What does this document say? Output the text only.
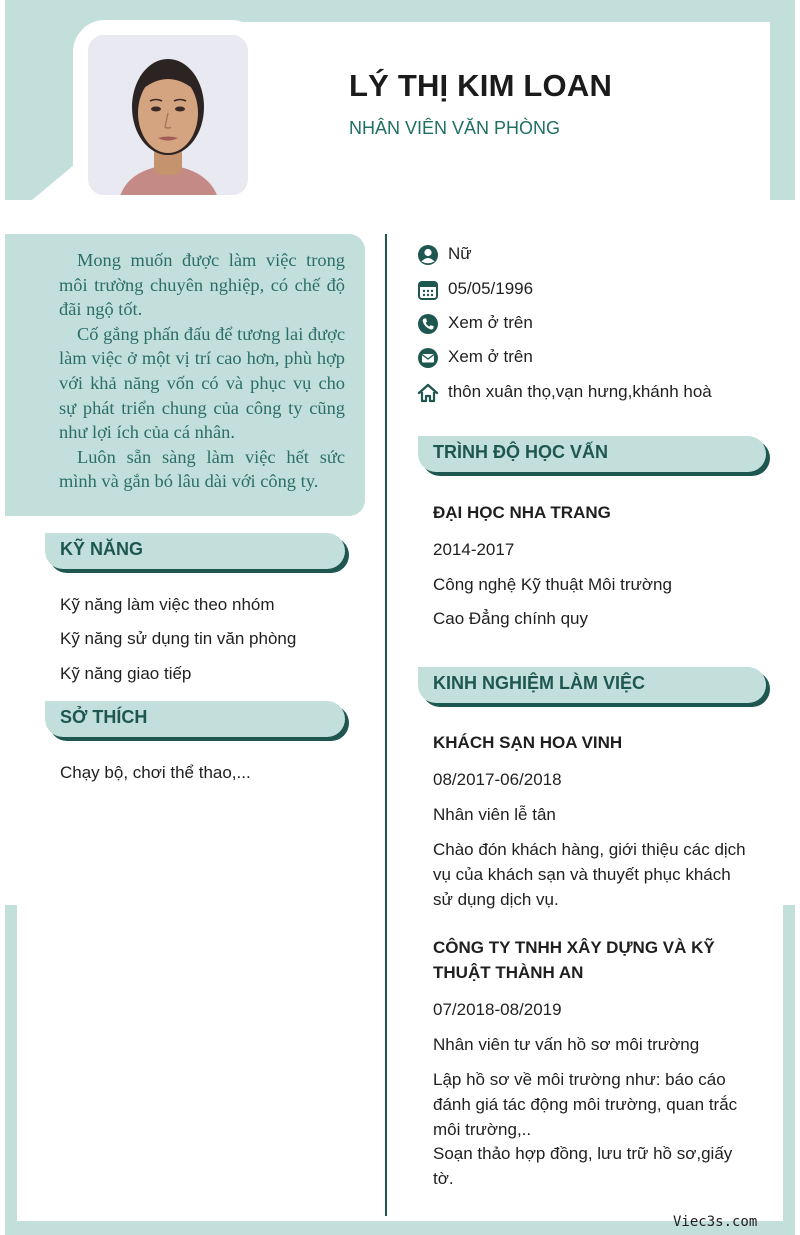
LÝ THỊ KIM LOAN
NHÂN VIÊN VĂN PHÒNG

Mong muốn được làm việc trong môi trường chuyên nghiệp, có chế độ đãi ngộ tốt.

Cố gắng phấn đấu để tương lai được làm việc ở một vị trí cao hơn, phù hợp với khả năng vốn có và phục vụ cho sự phát triển chung của công ty cũng như lợi ích của cá nhân.

Luôn sẵn sàng làm việc hết sức mình và gắn bó lâu dài với công ty.

KỸ NĂNG
Kỹ năng làm việc theo nhóm
Kỹ năng sử dụng tin văn phòng
Kỹ năng giao tiếp
SỞ THÍCH
Chạy bộ, chơi thể thao,...
Nữ
05/05/1996
Xem ở trên
Xem ở trên
thôn xuân thọ,vạn hưng,khánh hoà
TRÌNH ĐỘ HỌC VẤN
ĐẠI HỌC NHA TRANG
2014-2017
Công nghệ Kỹ thuật Môi trường
Cao Đẳng chính quy
KINH NGHIỆM LÀM VIỆC
KHÁCH SẠN HOA VINH
08/2017-06/2018
Nhân viên lễ tân
Chào đón khách hàng, giới thiệu các dịch vụ của khách sạn và thuyết phục khách sử dụng dịch vụ.
CÔNG TY TNHH XÂY DỰNG VÀ KỸ THUẬT THÀNH AN
07/2018-08/2019
Nhân viên tư vấn hồ sơ môi trường
Lập hồ sơ về môi trường như: báo cáo đánh giá tác động môi trường, quan trắc môi trường,..
Soạn thảo hợp đồng, lưu trữ hồ sơ,giấy tờ.
Viec3s.com
